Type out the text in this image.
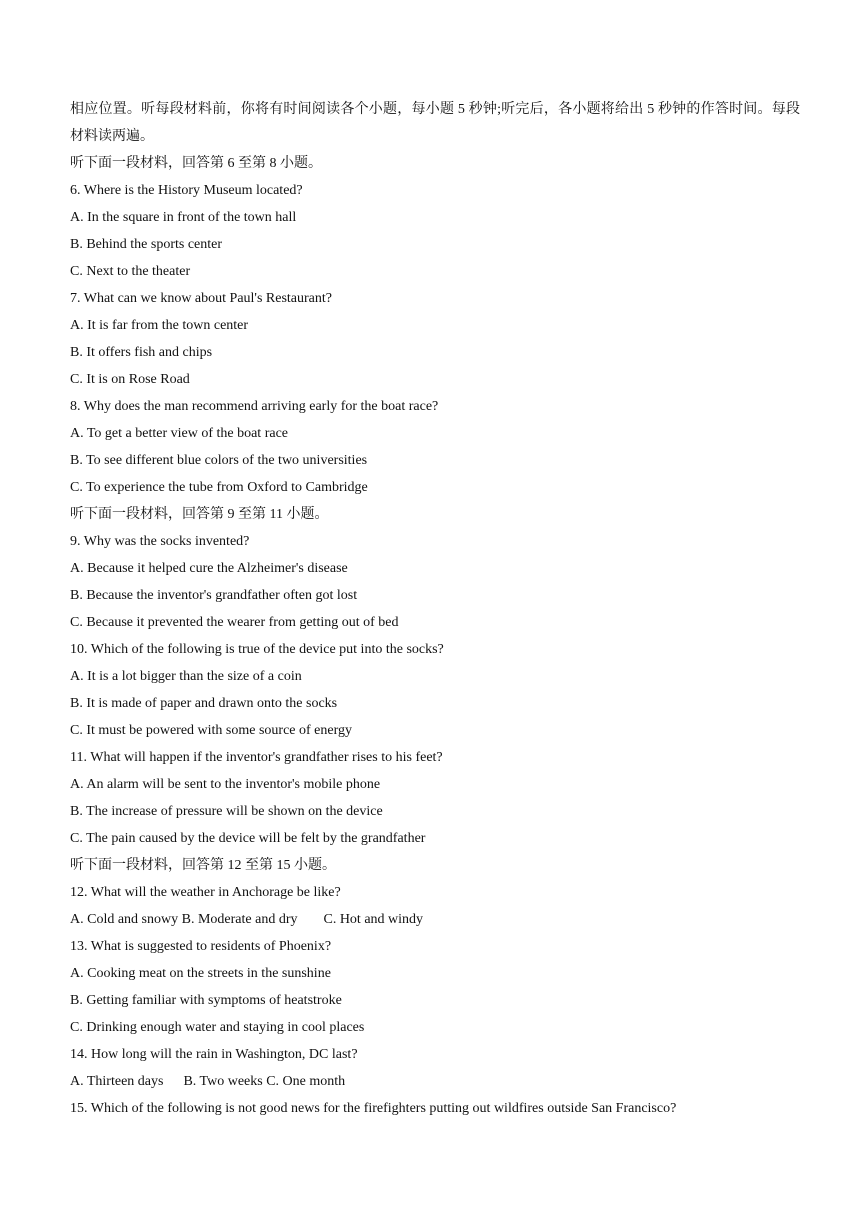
相应位置。听每段材料前，你将有时间阅读各个小题，每小题 5 秒钟;听完后，各小题将给出 5 秒钟的作答时间。每段材料读两遍。
听下面一段材料，回答第 6 至第 8 小题。
6. Where is the History Museum located?
A. In the square in front of the town hall
B. Behind the sports center
C. Next to the theater
7. What can we know about Paul's Restaurant?
A. It is far from the town center
B. It offers fish and chips
C. It is on Rose Road
8. Why does the man recommend arriving early for the boat race?
A. To get a better view of the boat race
B. To see different blue colors of the two universities
C. To experience the tube from Oxford to Cambridge
听下面一段材料，回答第 9 至第 11 小题。
9. Why was the socks invented?
A. Because it helped cure the Alzheimer's disease
B. Because the inventor's grandfather often got lost
C. Because it prevented the wearer from getting out of bed
10. Which of the following is true of the device put into the socks?
A. It is a lot bigger than the size of a coin
B. It is made of paper and drawn onto the socks
C. It must be powered with some source of energy
11. What will happen if the inventor's grandfather rises to his feet?
A. An alarm will be sent to the inventor's mobile phone
B. The increase of pressure will be shown on the device
C. The pain caused by the device will be felt by the grandfather
听下面一段材料，回答第 12 至第 15 小题。
12. What will the weather in Anchorage be like?
A. Cold and snowy B. Moderate and dry C. Hot and windy
13. What is suggested to residents of Phoenix?
A. Cooking meat on the streets in the sunshine
B. Getting familiar with symptoms of heatstroke
C. Drinking enough water and staying in cool places
14. How long will the rain in Washington, DC last?
A. Thirteen days B. Two weeks C. One month
15. Which of the following is not good news for the firefighters putting out wildfires outside San Francisco?
